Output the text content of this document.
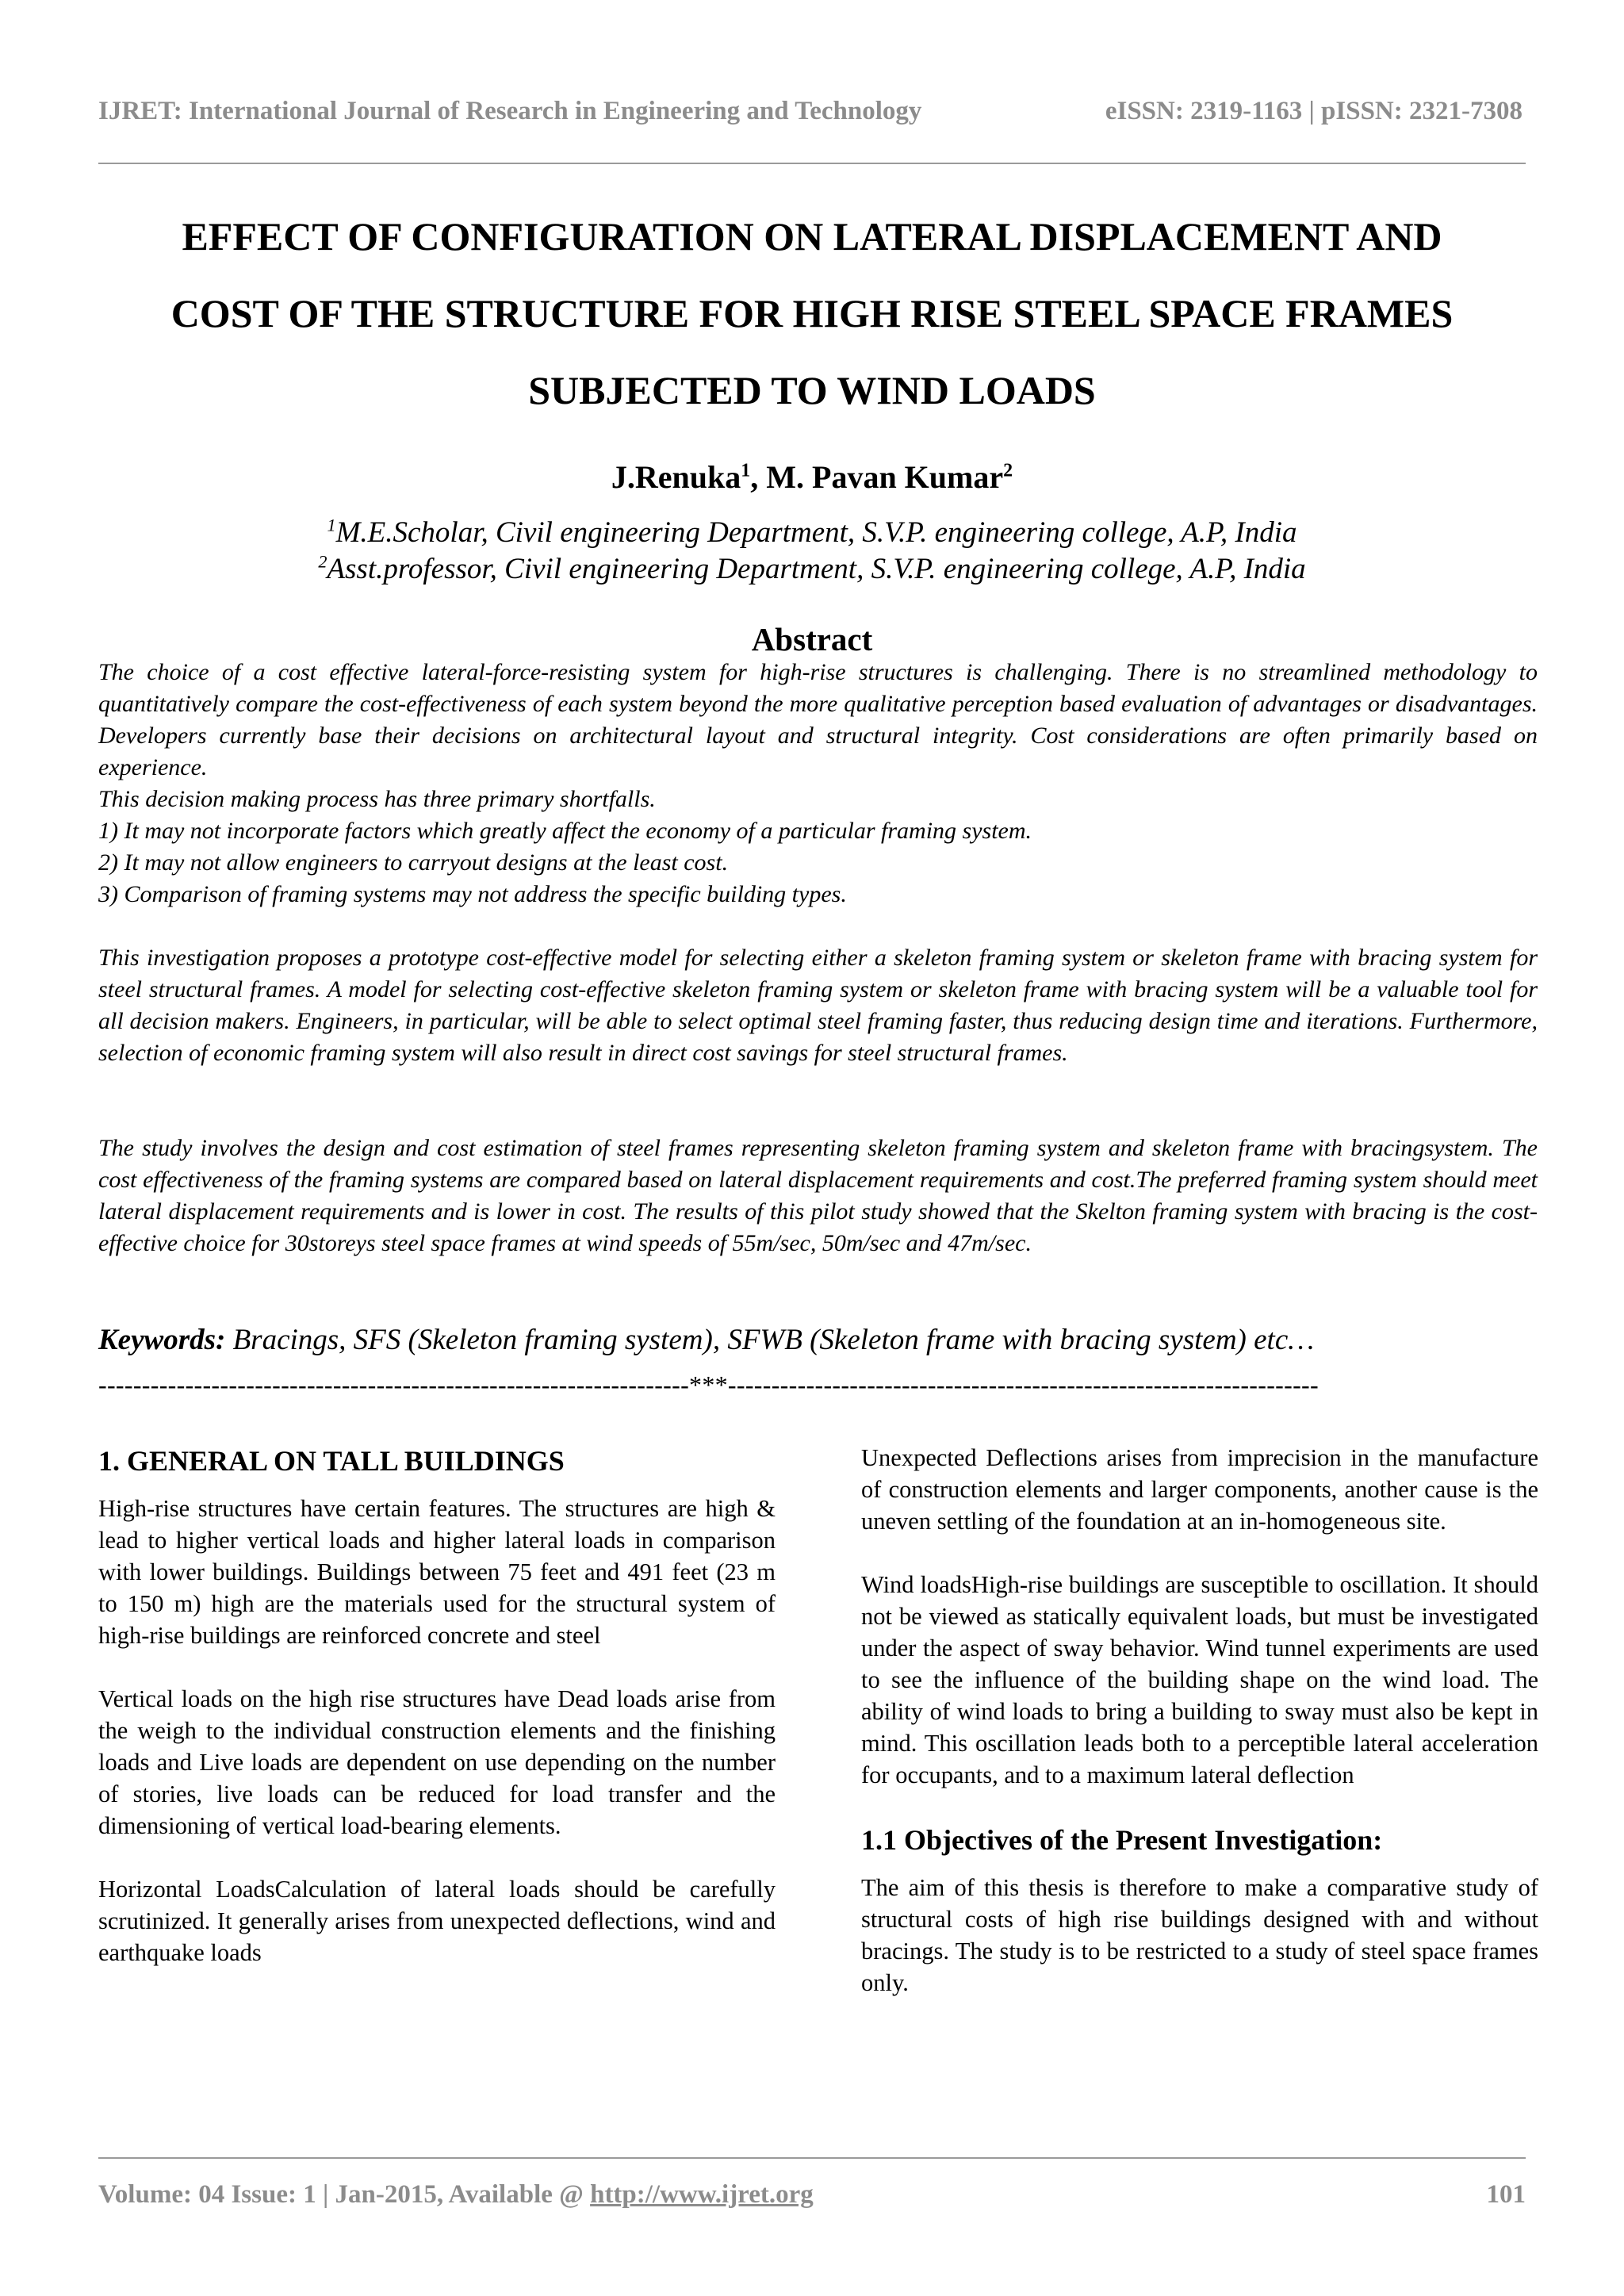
IJRET: International Journal of Research in Engineering and Technology	eISSN: 2319-1163 | pISSN: 2321-7308
EFFECT OF CONFIGURATION ON LATERAL DISPLACEMENT AND
COST OF THE STRUCTURE FOR HIGH RISE STEEL SPACE FRAMES
SUBJECTED TO WIND LOADS
J.Renuka$^1$, M. Pavan Kumar$^2$
$^1$M.E.Scholar, Civil engineering Department, S.V.P. engineering college, A.P, India
$^2$Asst.professor, Civil engineering Department, S.V.P. engineering college, A.P, India
Abstract

The choice of a cost effective lateral-force-resisting system for high-rise structures is challenging. There is no streamlined methodology to quantitatively compare the cost-effectiveness of each system beyond the more qualitative perception based evaluation of advantages or disadvantages. Developers currently base their decisions on architectural layout and structural integrity. Cost considerations are often primarily based on experience.

This decision making process has three primary shortfalls.

1) It may not incorporate factors which greatly affect the economy of a particular framing system.

2) It may not allow engineers to carryout designs at the least cost.

3) Comparison of framing systems may not address the specific building types.

This investigation proposes a prototype cost-effective model for selecting either a skeleton framing system or skeleton frame with bracing system for steel structural frames. A model for selecting cost-effective skeleton framing system or skeleton frame with bracing system will be a valuable tool for all decision makers. Engineers, in particular, will be able to select optimal steel framing faster, thus reducing design time and iterations. Furthermore, selection of economic framing system will also result in direct cost savings for steel structural frames.

The study involves the design and cost estimation of steel frames representing skeleton framing system and skeleton frame with bracingsystem. The cost effectiveness of the framing systems are compared based on lateral displacement requirements and cost.The preferred framing system should meet lateral displacement requirements and is lower in cost. The results of this pilot study showed that the Skelton framing system with bracing is the cost-effective choice for 30storeys steel space frames at wind speeds of 55m/sec, 50m/sec and 47m/sec.

Keywords: Bracings, SFS (Skeleton framing system), SFWB (Skeleton frame with bracing system) etc…
--------------------------------------------------------------------***--------------------------------------------------------------------
1. GENERAL ON TALL BUILDINGS

High-rise structures have certain features. The structures are high & lead to higher vertical loads and higher lateral loads in comparison with lower buildings. Buildings between 75 feet and 491 feet (23 m to 150 m) high are the materials used for the structural system of high-rise buildings are reinforced concrete and steel

Vertical loads on the high rise structures have Dead loads arise from the weigh to the individual construction elements and the finishing loads and Live loads are dependent on use depending on the number of stories, live loads can be reduced for load transfer and the dimensioning of vertical load-bearing elements.

Horizontal LoadsCalculation of lateral loads should be carefully scrutinized. It generally arises from unexpected deflections, wind and earthquake loads

Unexpected Deflections arises from imprecision in the manufacture of construction elements and larger components, another cause is the uneven settling of the foundation at an in-homogeneous site.

Wind loadsHigh-rise buildings are susceptible to oscillation. It should not be viewed as statically equivalent loads, but must be investigated under the aspect of sway behavior. Wind tunnel experiments are used to see the influence of the building shape on the wind load. The ability of wind loads to bring a building to sway must also be kept in mind. This oscillation leads both to a perceptible lateral acceleration for occupants, and to a maximum lateral deflection

1.1 Objectives of the Present Investigation:

The aim of this thesis is therefore to make a comparative study of structural costs of high rise buildings designed with and without bracings. The study is to be restricted to a study of steel space frames only.

Volume: 04 Issue: 1 | Jan-2015, Available @ http://www.ijret.org	101
